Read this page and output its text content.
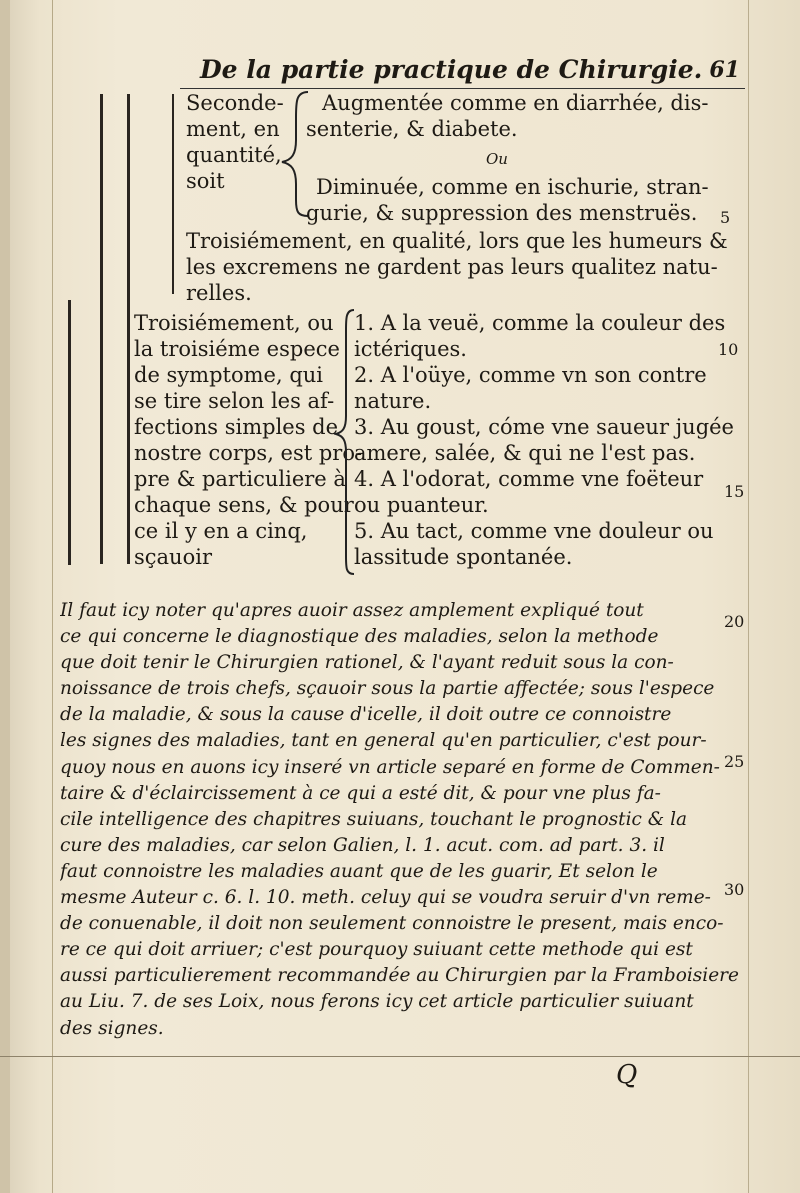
De la partie practique de Chirurgie. 61
Seconde-
ment, en
quantité,
soit
Augmentée comme en diarrhée, dis-
senterie, & diabete.
Ou
Diminuée, comme en ischurie, stran-
gurie, & suppression des menstruës.
Troisiémement, en qualité, lors que les humeurs &
les excremens ne gardent pas leurs qualitez natu-
relles.
Troisiémement, ou
la troisiéme espece
de symptome, qui
se tire selon les af-
fections simples de
nostre corps, est pro-
pre & particuliere à
chaque sens, & pour
ce il y en a cinq,
sçauoir
1. A la veuë, comme la couleur des
ictériques.
2. A l'oüye, comme vn son contre
nature.
3. Au goust, cóme vne saueur jugée
amere, salée, & qui ne l'est pas.
4. A l'odorat, comme vne foëteur
ou puanteur.
5. Au tact, comme vne douleur ou
lassitude spontanée.
5
10
15
20
25
30
Il faut icy noter qu'apres auoir assez amplement expliqué tout
ce qui concerne le diagnostique des maladies, selon la methode
que doit tenir le Chirurgien rationel, & l'ayant reduit sous la con-
noissance de trois chefs, sçauoir sous la partie affectée; sous l'espece
de la maladie, & sous la cause d'icelle, il doit outre ce connoistre
les signes des maladies, tant en general qu'en particulier, c'est pour-
quoy nous en auons icy inseré vn article separé en forme de Commen-
taire & d'éclaircissement à ce qui a esté dit, & pour vne plus fa-
cile intelligence des chapitres suiuans, touchant le prognostic & la
cure des maladies, car selon Galien, l. 1. acut. com. ad part. 3. il
faut connoistre les maladies auant que de les guarir, Et selon le
mesme Auteur c. 6. l. 10. meth. celuy qui se voudra seruir d'vn reme-
de conuenable, il doit non seulement connoistre le present, mais enco-
re ce qui doit arriuer; c'est pourquoy suiuant cette methode qui est
aussi particulierement recommandée au Chirurgien par la Framboisiere
au Liu. 7. de ses Loix, nous ferons icy cet article particulier suiuant
des signes.
Q
